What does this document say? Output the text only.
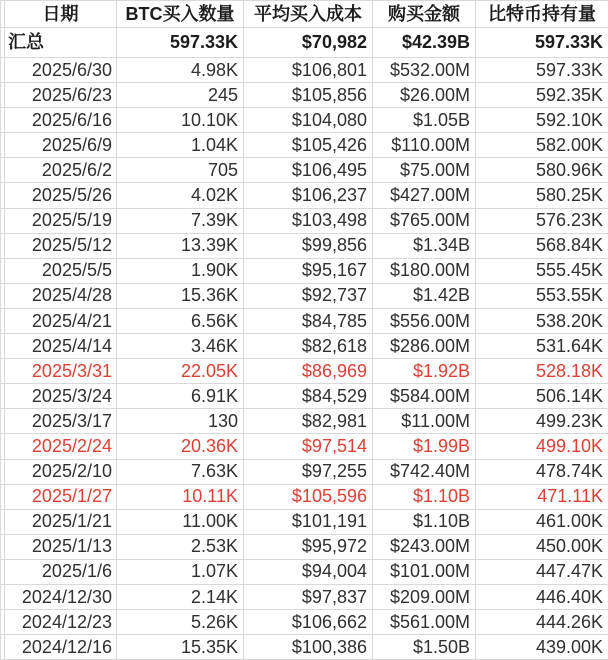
	日期	BTC买入数量	平均买入成本	购买金额	比特币持有量
	汇总	597.33K	$70,982	$42.39B	597.33K
	2025/6/30	4.98K	$106,801	$532.00M	597.33K
	2025/6/23	245	$105,856	$26.00M	592.35K
	2025/6/16	10.10K	$104,080	$1.05B	592.10K
	2025/6/9	1.04K	$105,426	$110.00M	582.00K
	2025/6/2	705	$106,495	$75.00M	580.96K
	2025/5/26	4.02K	$106,237	$427.00M	580.25K
	2025/5/19	7.39K	$103,498	$765.00M	576.23K
	2025/5/12	13.39K	$99,856	$1.34B	568.84K
	2025/5/5	1.90K	$95,167	$180.00M	555.45K
	2025/4/28	15.36K	$92,737	$1.42B	553.55K
	2025/4/21	6.56K	$84,785	$556.00M	538.20K
	2025/4/14	3.46K	$82,618	$286.00M	531.64K
	2025/3/31	22.05K	$86,969	$1.92B	528.18K
	2025/3/24	6.91K	$84,529	$584.00M	506.14K
	2025/3/17	130	$82,981	$11.00M	499.23K
	2025/2/24	20.36K	$97,514	$1.99B	499.10K
	2025/2/10	7.63K	$97,255	$742.40M	478.74K
	2025/1/27	10.11K	$105,596	$1.10B	471.11K
	2025/1/21	11.00K	$101,191	$1.10B	461.00K
	2025/1/13	2.53K	$95,972	$243.00M	450.00K
	2025/1/6	1.07K	$94,004	$101.00M	447.47K
	2024/12/30	2.14K	$97,837	$209.00M	446.40K
	2024/12/23	5.26K	$106,662	$561.00M	444.26K
	2024/12/16	15.35K	$100,386	$1.50B	439.00K
